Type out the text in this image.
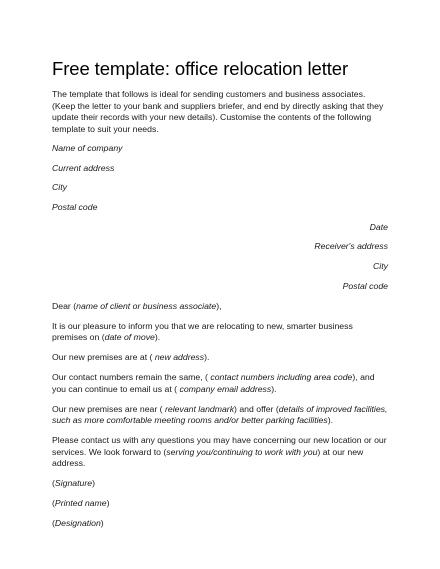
Free template: office relocation letter

The template that follows is ideal for sending customers and business associates. (Keep the letter to your bank and suppliers briefer, and end by directly asking that they update their records with your new details). Customise the contents of the following template to suit your needs.

Name of company

Current address

City

Postal code

Date

Receiver's address

City

Postal code

Dear (name of client or business associate),

It is our pleasure to inform you that we are relocating to new, smarter business premises on (date of move).

Our new premises are at ( new address).

Our contact numbers remain the same, ( contact numbers including area code), and you can continue to email us at ( company email address).

Our new premises are near ( relevant landmark) and offer (details of improved facilities, such as more comfortable meeting rooms and/or better parking facilities).

Please contact us with any questions you may have concerning our new location or our services. We look forward to (serving you/continuing to work with you) at our new address.

(Signature)

(Printed name)

(Designation)
